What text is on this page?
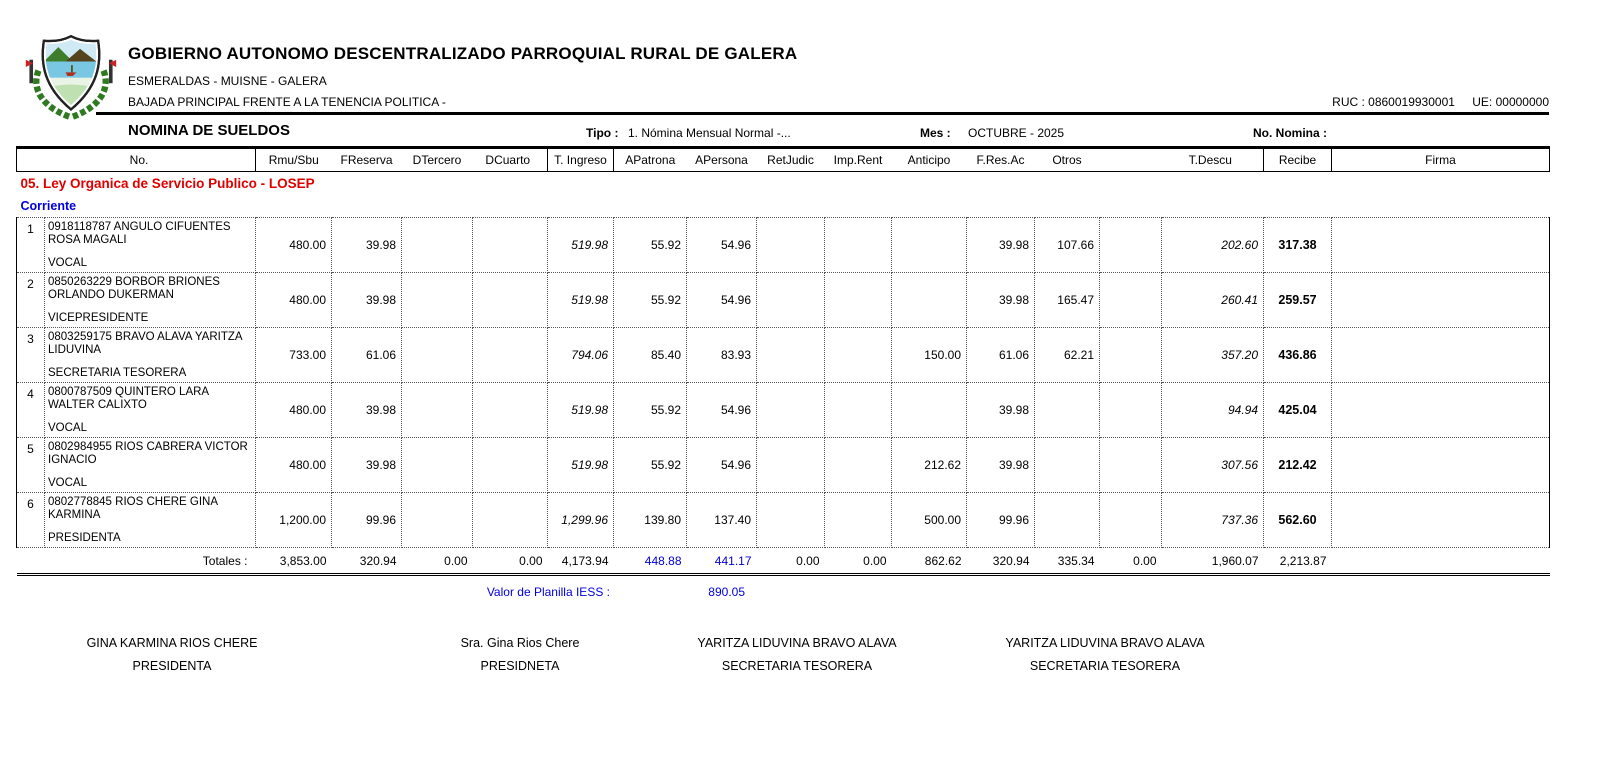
GOBIERNO AUTONOMO DESCENTRALIZADO PARROQUIAL RURAL DE GALERA
ESMERALDAS - MUISNE - GALERA
BAJADA PRINCIPAL FRENTE A LA TENENCIA POLITICA -	RUC : 0860019930001 UE: 00000000
NOMINA DE SUELDOS	Tipo : 1. Nómina Mensual Normal -...	Mes : OCTUBRE - 2025	No. Nomina :
No.		Rmu/Sbu	FReserva	DTercero	DCuarto	T. Ingreso	APatrona	APersona	RetJudic	Imp.Rent	Anticipo	F.Res.Ac	Otros		T.Descu	Recibe	Firma
05. Ley Organica de Servicio Publico - LOSEP																	
Corriente																	
1	0918118787 ANGULO CIFUENTES ROSA MAGALI
VOCAL	480.00	39.98			519.98	55.92	54.96				39.98	107.66		202.60	317.38	
2	0850263229 BORBOR BRIONES ORLANDO DUKERMAN
VICEPRESIDENTE	480.00	39.98			519.98	55.92	54.96				39.98	165.47		260.41	259.57	
3	0803259175 BRAVO ALAVA YARITZA LIDUVINA
SECRETARIA TESORERA	733.00	61.06			794.06	85.40	83.93			150.00	61.06	62.21		357.20	436.86	
4	0800787509 QUINTERO LARA WALTER CALIXTO
VOCAL	480.00	39.98			519.98	55.92	54.96				39.98			94.94	425.04	
5	0802984955 RIOS CABRERA VICTOR IGNACIO
VOCAL	480.00	39.98			519.98	55.92	54.96			212.62	39.98			307.56	212.42	
6	0802778845 RIOS CHERE GINA KARMINA
PRESIDENTA	1,200.00	99.96			1,299.96	139.80	137.40			500.00	99.96			737.36	562.60	
Totales :		3,853.00	320.94	0.00	0.00	4,173.94	448.88	441.17	0.00	0.00	862.62	320.94	335.34	0.00	1,960.07	2,213.87	
Valor de Planilla IESS :	890.05
GINA KARMINA RIOS CHERE
PRESIDENTA
Sra. Gina Rios Chere
PRESIDNETA
YARITZA LIDUVINA BRAVO ALAVA
SECRETARIA TESORERA
YARITZA LIDUVINA BRAVO ALAVA
SECRETARIA TESORERA
